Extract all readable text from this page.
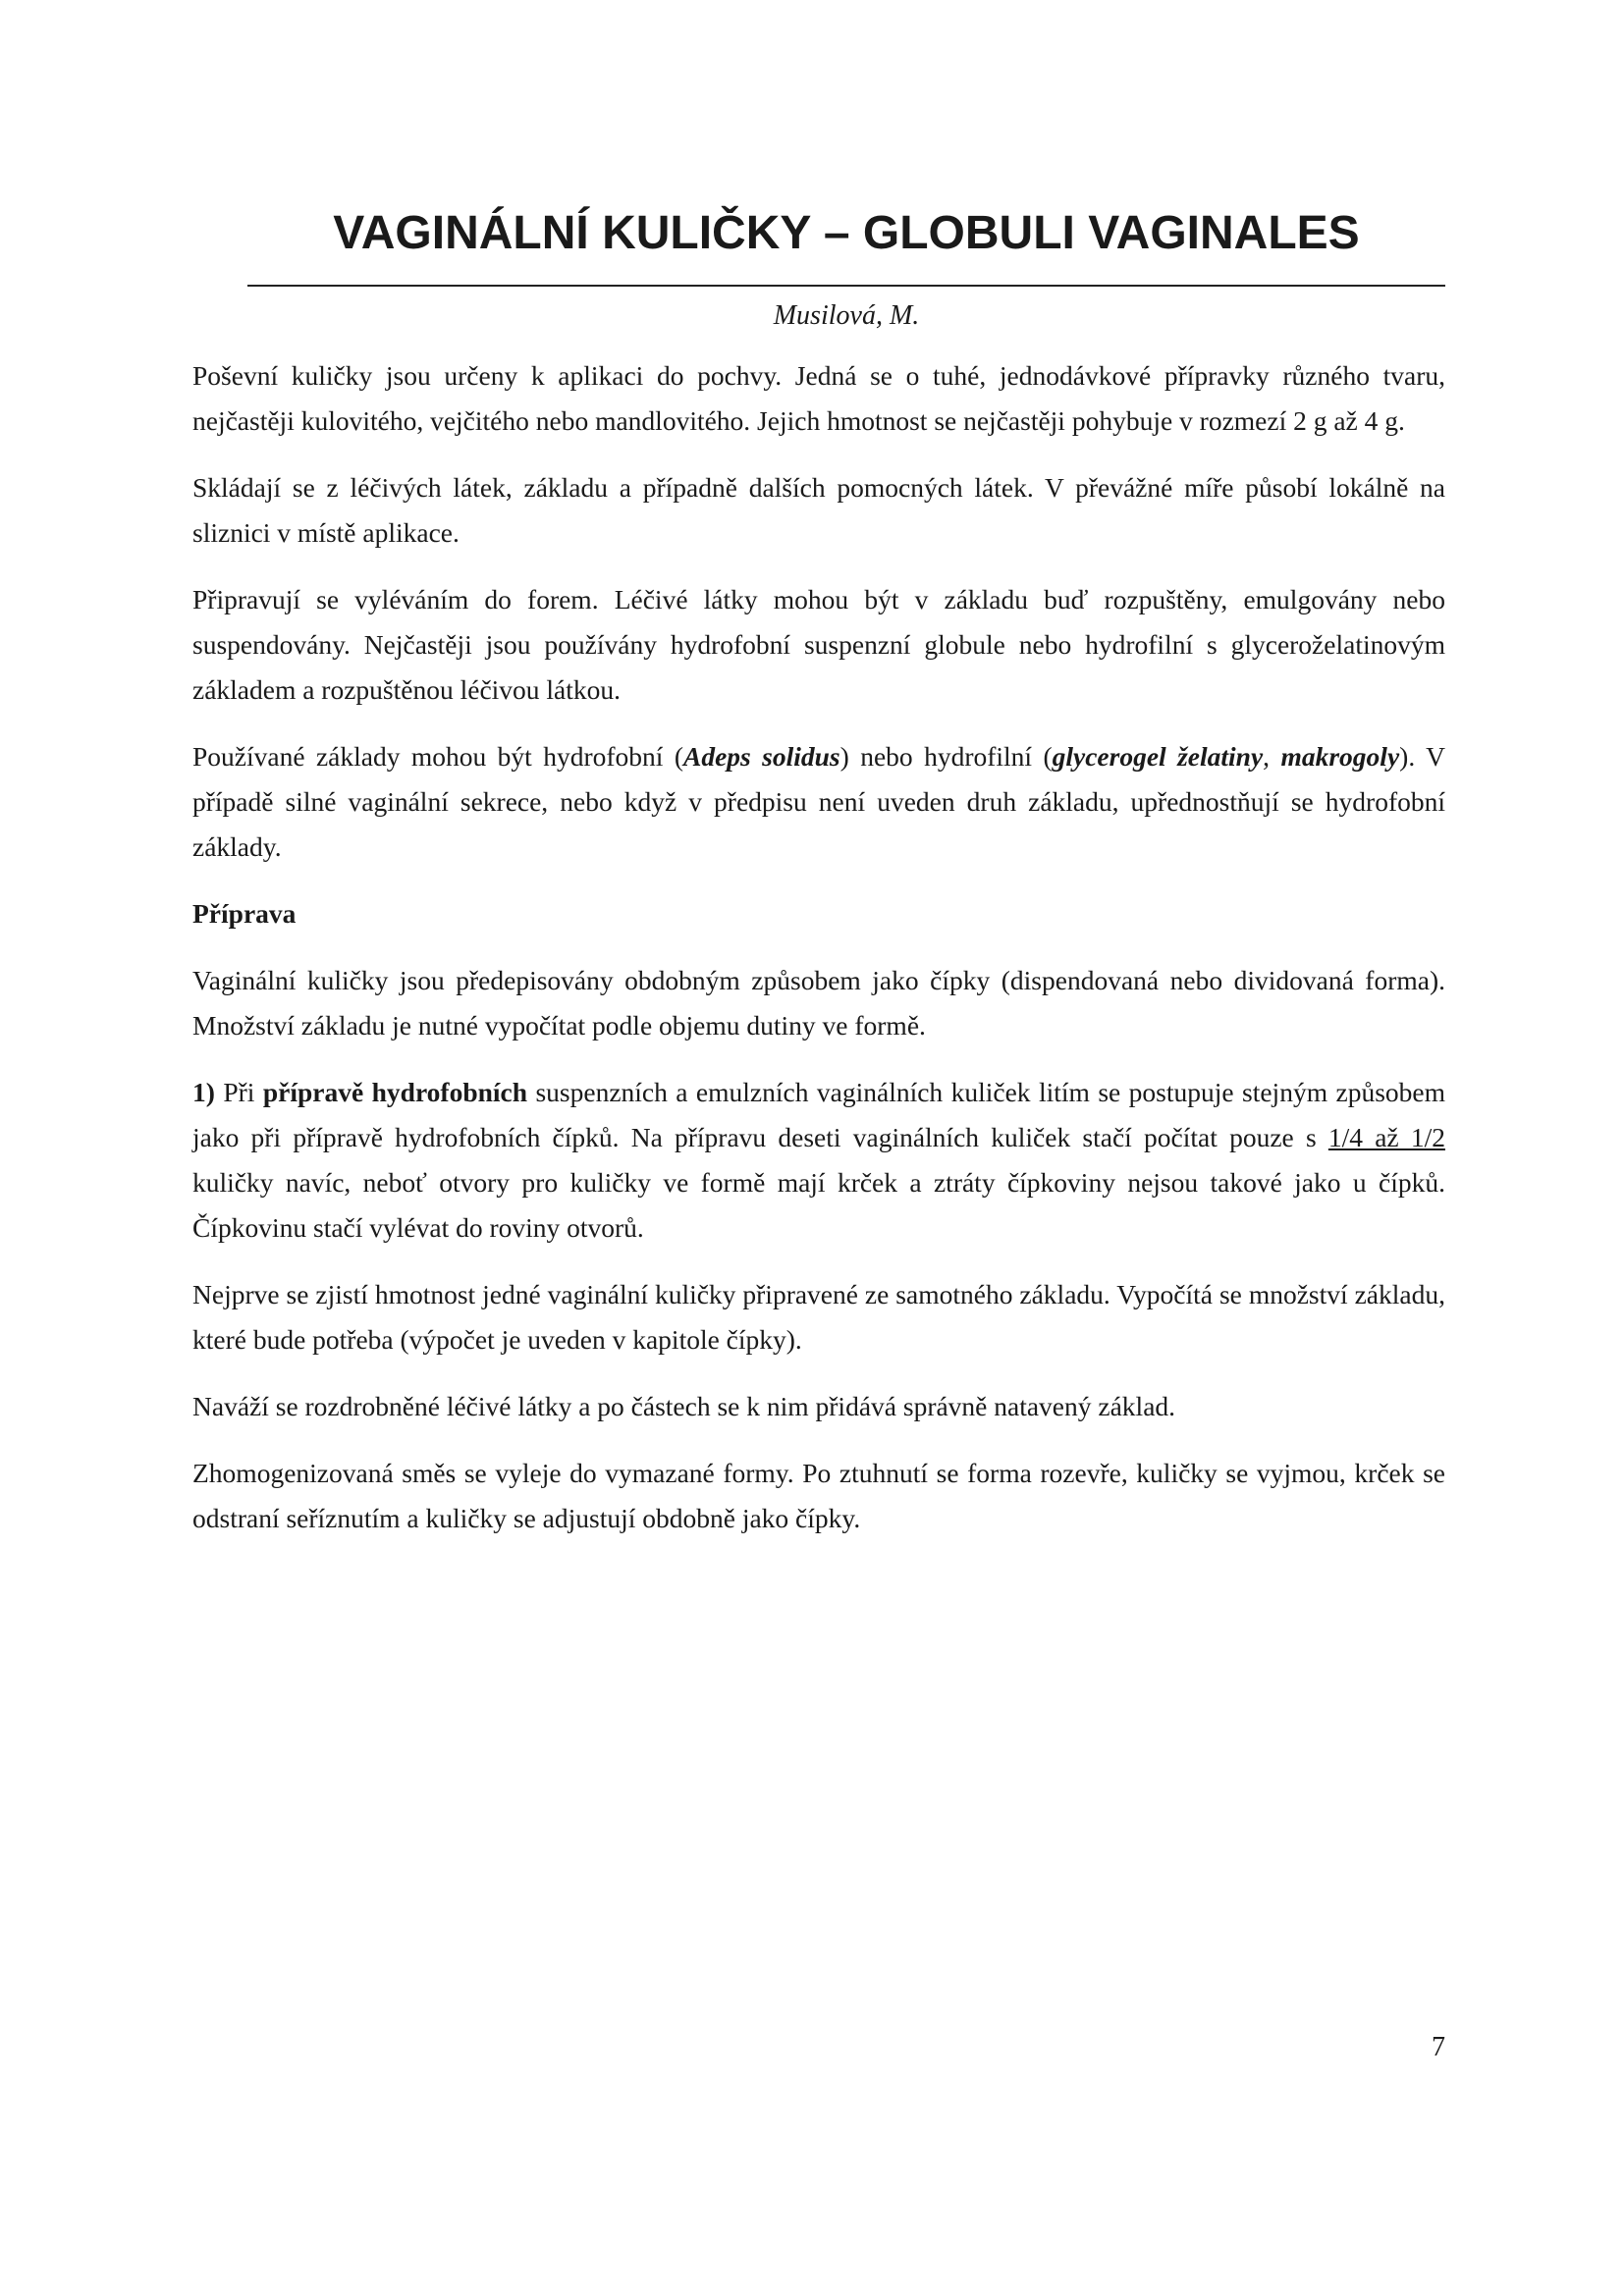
VAGINÁLNÍ KULIČKY – GLOBULI VAGINALES
Musilová, M.

Poševní kuličky jsou určeny k aplikaci do pochvy. Jedná se o tuhé, jednodávkové přípravky různého tvaru, nejčastěji kulovitého, vejčitého nebo mandlovitého. Jejich hmotnost se nejčastěji pohybuje v rozmezí 2 g až 4 g.

Skládají se z léčivých látek, základu a případně dalších pomocných látek. V převážné míře působí lokálně na sliznici v místě aplikace.

Připravují se vyléváním do forem. Léčivé látky mohou být v základu buď rozpuštěny, emulgovány nebo suspendovány. Nejčastěji jsou používány hydrofobní suspenzní globule nebo hydrofilní s glyceroželatinovým základem a rozpuštěnou léčivou látkou.

Používané základy mohou být hydrofobní (Adeps solidus) nebo hydrofilní (glycerogel želatiny, makrogoly). V případě silné vaginální sekrece, nebo když v předpisu není uveden druh základu, upřednostňují se hydrofobní základy.

Příprava

Vaginální kuličky jsou předepisovány obdobným způsobem jako čípky (dispendovaná nebo dividovaná forma). Množství základu je nutné vypočítat podle objemu dutiny ve formě.

1) Při přípravě hydrofobních suspenzních a emulzních vaginálních kuliček litím se postupuje stejným způsobem jako při přípravě hydrofobních čípků. Na přípravu deseti vaginálních kuliček stačí počítat pouze s 1/4 až 1/2 kuličky navíc, neboť otvory pro kuličky ve formě mají krček a ztráty čípkoviny nejsou takové jako u čípků. Čípkovinu stačí vylévat do roviny otvorů.

Nejprve se zjistí hmotnost jedné vaginální kuličky připravené ze samotného základu. Vypočítá se množství základu, které bude potřeba (výpočet je uveden v kapitole čípky).

Naváží se rozdrobněné léčivé látky a po částech se k nim přidává správně natavený základ.

Zhomogenizovaná směs se vyleje do vymazané formy. Po ztuhnutí se forma rozevře, kuličky se vyjmou, krček se odstraní seříznutím a kuličky se adjustují obdobně jako čípky.

7
